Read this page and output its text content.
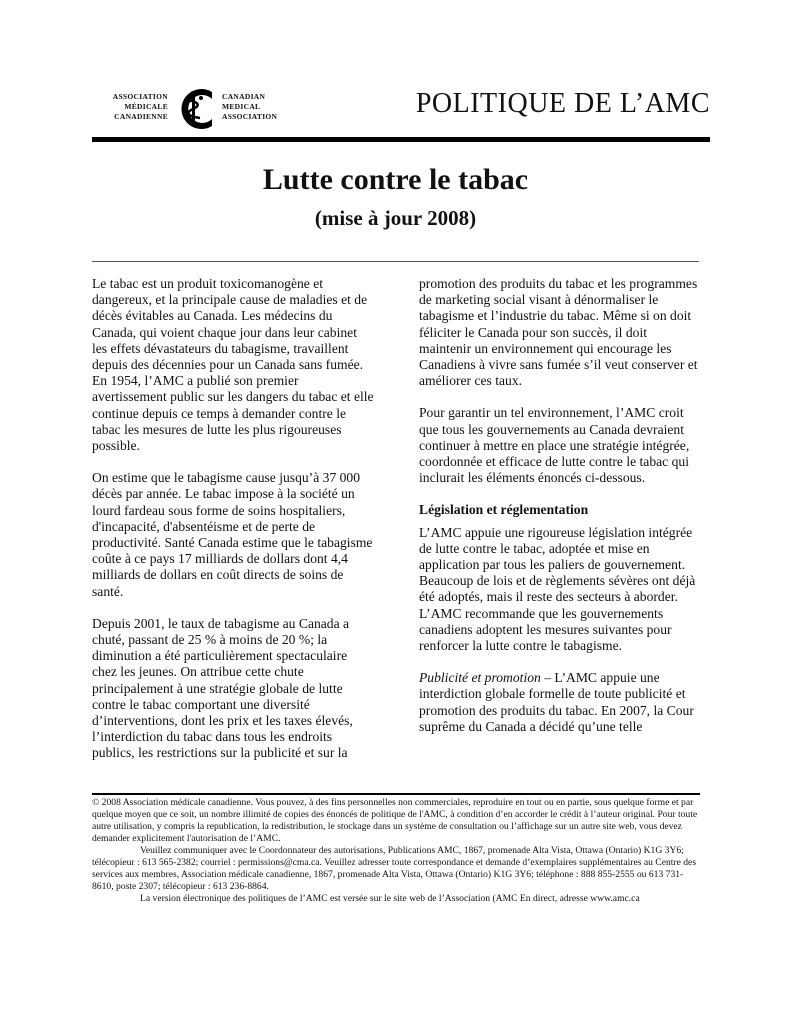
ASSOCIATION
MÉDICALE
CANADIENNE
CANADIAN
MEDICAL
ASSOCIATION	POLITIQUE DE L’AMC
Lutte contre le tabac
(mise à jour 2008)

Le tabac est un produit toxicomanogène et dangereux, et la principale cause de maladies et de décès évitables au Canada. Les médecins du Canada, qui voient chaque jour dans leur cabinet les effets dévastateurs du tabagisme, travaillent depuis des décennies pour un Canada sans fumée. En 1954, l’AMC a publié son premier avertissement public sur les dangers du tabac et elle continue depuis ce temps à demander contre le tabac les mesures de lutte les plus rigoureuses possible.

On estime que le tabagisme cause jusqu’à 37 000 décès par année. Le tabac impose à la société un lourd fardeau sous forme de soins hospitaliers, d'incapacité, d'absentéisme et de perte de productivité. Santé Canada estime que le tabagisme coûte à ce pays 17 milliards de dollars dont 4,4 milliards de dollars en coût directs de soins de santé.

Depuis 2001, le taux de tabagisme au Canada a chuté, passant de 25 % à moins de 20 %; la diminution a été particulièrement spectaculaire chez les jeunes. On attribue cette chute principalement à une stratégie globale de lutte contre le tabac comportant une diversité d’interventions, dont les prix et les taxes élevés, l’interdiction du tabac dans tous les endroits publics, les restrictions sur la publicité et sur la

promotion des produits du tabac et les programmes de marketing social visant à dénormaliser le tabagisme et l’industrie du tabac. Même si on doit féliciter le Canada pour son succès, il doit maintenir un environnement qui encourage les Canadiens à vivre sans fumée s’il veut conserver et améliorer ces taux.

Pour garantir un tel environnement, l’AMC croit que tous les gouvernements au Canada devraient continuer à mettre en place une stratégie intégrée, coordonnée et efficace de lutte contre le tabac qui inclurait les éléments énoncés ci-dessous.

Législation et réglementation

L’AMC appuie une rigoureuse législation intégrée de lutte contre le tabac, adoptée et mise en application par tous les paliers de gouvernement. Beaucoup de lois et de règlements sévères ont déjà été adoptés, mais il reste des secteurs à aborder. L’AMC recommande que les gouvernements canadiens adoptent les mesures suivantes pour renforcer la lutte contre le tabagisme.

Publicité et promotion – L’AMC appuie une interdiction globale formelle de toute publicité et promotion des produits du tabac. En 2007, la Cour suprême du Canada a décidé qu’une telle

© 2008 Association médicale canadienne. Vous pouvez, à des fins personnelles non commerciales, reproduire en tout ou en partie, sous quelque forme et par quelque moyen que ce soit, un nombre illimité de copies des énoncés de politique de l'AMC, à condition d’en accorder le crédit à l’auteur original. Pour toute autre utilisation, y compris la republication, la redistribution, le stockage dans un système de consultation ou l’affichage sur un autre site web, vous devez demander explicitement l'autorisation de l’AMC.

Veuillez communiquer avec le Coordonnateur des autorisations, Publications AMC, 1867, promenade Alta Vista, Ottawa (Ontario) K1G 3Y6; télécopieur : 613 565-2382; courriel : permissions@cma.ca. Veuillez adresser toute correspondance et demande d’exemplaires supplémentaires au Centre des services aux membres, Association médicale canadienne, 1867, promenade Alta Vista, Ottawa (Ontario) K1G 3Y6; téléphone : 888 855-2555 ou 613 731-8610, poste 2307; télécopieur : 613 236-8864.

La version électronique des politiques de l’AMC est versée sur le site web de l’Association (AMC En direct, adresse www.amc.ca
